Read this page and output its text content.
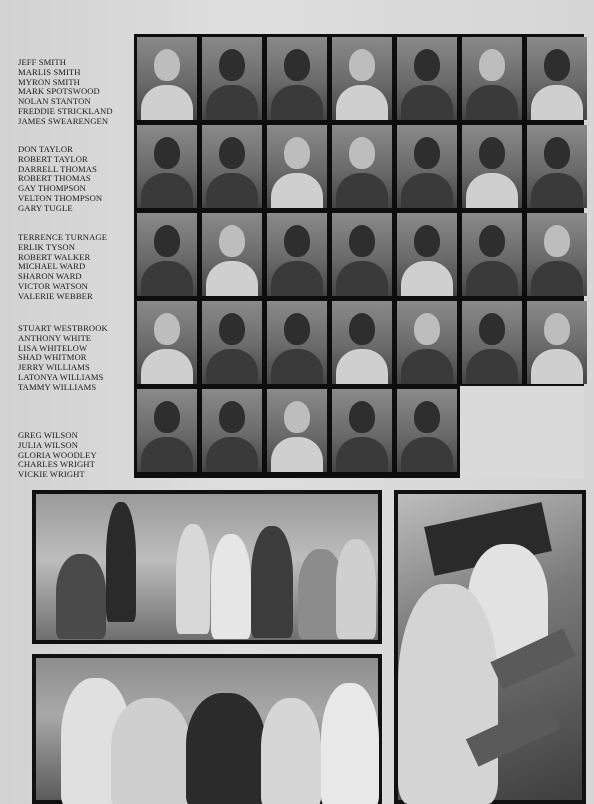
JEFF SMITH
MARLIS SMITH
MYRON SMITH
MARK SPOTSWOOD
NOLAN STANTON
FREDDIE STRICKLAND
JAMES SWEARENGEN
DON TAYLOR
ROBERT TAYLOR
DARRELL THOMAS
ROBERT THOMAS
GAY THOMPSON
VELTON THOMPSON
GARY TUGLE
TERRENCE TURNAGE
ERLIK TYSON
ROBERT WALKER
MICHAEL WARD
SHARON WARD
VICTOR WATSON
VALERIE WEBBER
STUART WESTBROOK
ANTHONY WHITE
LISA WHITELOW
SHAD WHITMOR
JERRY WILLIAMS
LATONYA WILLIAMS
TAMMY WILLIAMS
GREG WILSON
JULIA WILSON
GLORIA WOODLEY
CHARLES WRIGHT
VICKIE WRIGHT
